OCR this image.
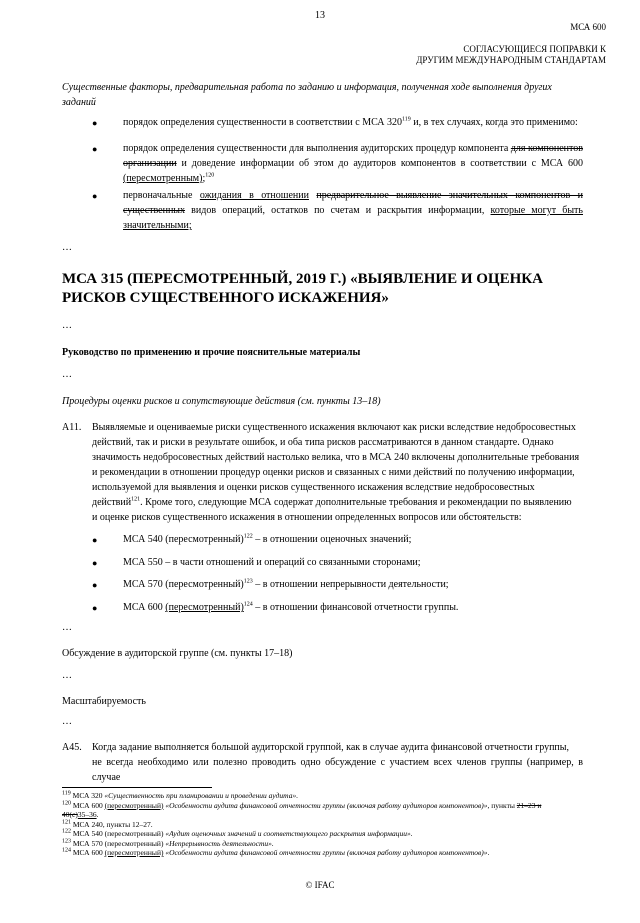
13
МСА 600
СОГЛАСУЮЩИЕСЯ ПОПРАВКИ К
ДРУГИМ МЕЖДУНАРОДНЫМ СТАНДАРТАМ
Существенные факторы, предварительная работа по заданию и информация, полученная ходе выполнения других
заданий
●	порядок определения существенности в соответствии с МСА $320^{119}$ и, в тех случаях, когда это применимо:
●	порядок определения существенности для выполнения аудиторских процедур компонента для компонентов организации и доведение информации об этом до аудиторов компонентов в соответствии с МСА 600 (пересмотренным);$^{120}$
●	первоначальные ожидания в отношении предварительное выявление значительных компонентов и существенных видов операций, остатков по счетам и раскрытия информации, которые могут быть значительными;
…
МСА 315 (ПЕРЕСМОТРЕННЫЙ, 2019 Г.) «ВЫЯВЛЕНИЕ И ОЦЕНКА
РИСКОВ СУЩЕСТВЕННОГО ИСКАЖЕНИЯ»
…
Руководство по применению и прочие пояснительные материалы
…
Процедуры оценки рисков и сопутствующие действия (см. пункты 13–18)
A11. Выявляемые и оцениваемые риски существенного искажения включают как риски вследствие недобросовестных
действий, так и риски в результате ошибок, и оба типа рисков рассматриваются в данном стандарте. Однако
значимость недобросовестных действий настолько велика, что в МСА 240 включены дополнительные требования
и рекомендации в отношении процедур оценки рисков и связанных с ними действий по получению информации,
используемой для выявления и оценки рисков существенного искажения вследствие недобросовестных
действий$^{121}$. Кроме того, следующие МСА содержат дополнительные требования и рекомендации по выявлению
и оценке рисков существенного искажения в отношении определенных вопросов или обстоятельств:
●	МСА 540 (пересмотренный)$^{122}$ – в отношении оценочных значений;
●	МСА 550 – в части отношений и операций со связанными сторонами;
●	МСА 570 (пересмотренный)$^{123}$ – в отношении непрерывности деятельности;
●	МСА 600 (пересмотренный)$^{124}$ – в отношении финансовой отчетности группы.
…
Обсуждение в аудиторской группе (см. пункты 17–18)
…
Масштабируемость
…
A45. Когда задание выполняется большой аудиторской группой, как в случае аудита финансовой отчетности группы,
не всегда необходимо или полезно проводить одно обсуждение с участием всех членов группы (например, в случае
$^{119}$ МСА 320 «Существенность при планировании и проведении аудита».
$^{120}$ МСА 600 (пересмотренный) «Особенности аудита финансовой отчетности группы (включая работу аудиторов компонентов)», пункты 21–23 и
40(c)35–36.
$^{121}$ МСА 240, пункты 12–27.
$^{122}$ МСА 540 (пересмотренный) «Аудит оценочных значений и соответствующего раскрытия информации».
$^{123}$ МСА 570 (пересмотренный) «Непрерывность деятельности».
$^{124}$ МСА 600 (пересмотренный) «Особенности аудита финансовой отчетности группы (включая работу аудиторов компонентов)».
© IFAC
